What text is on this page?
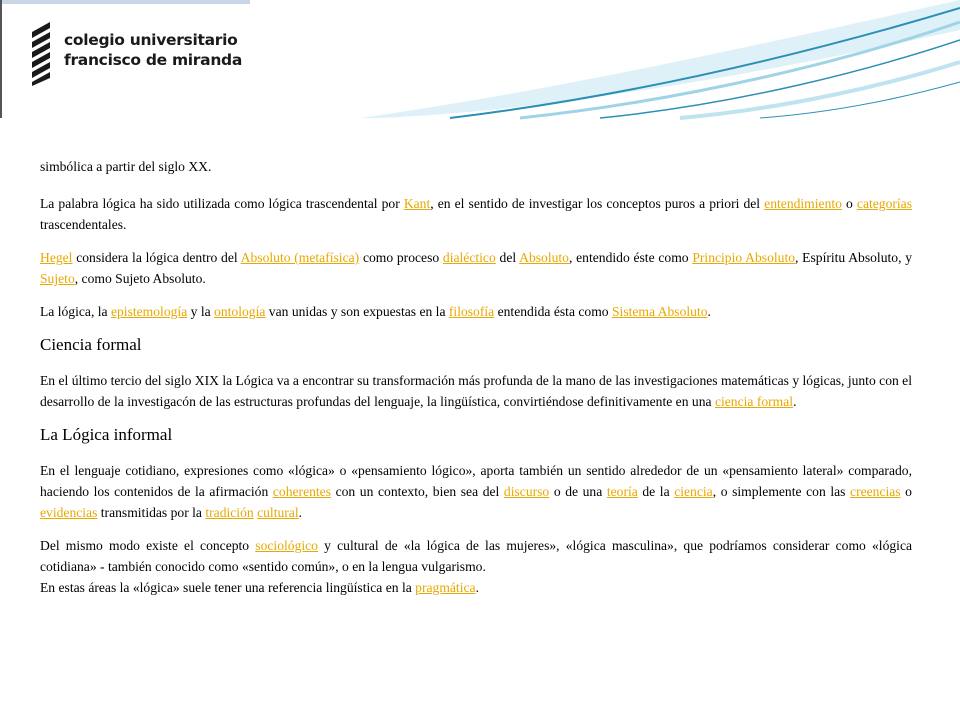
colegio universitario
francisco de miranda

simbólica a partir del siglo XX.

La palabra lógica ha sido utilizada como lógica trascendental por Kant, en el sentido de investigar los conceptos puros a priori del entendimiento o categorías trascendentales.

Hegel considera la lógica dentro del Absoluto (metafísica) como proceso dialéctico del Absoluto, entendido éste como Principio Absoluto, Espíritu Absoluto, y Sujeto, como Sujeto Absoluto.

La lógica, la epistemología y la ontología van unidas y son expuestas en la filosofía entendida ésta como Sistema Absoluto.

Ciencia formal

En el último tercio del siglo XIX la Lógica va a encontrar su transformación más profunda de la mano de las investigaciones matemáticas y lógicas, junto con el desarrollo de la investigacón de las estructuras profundas del lenguaje, la lingüística, convirtiéndose definitivamente en una ciencia formal.

La Lógica informal

En el lenguaje cotidiano, expresiones como «lógica» o «pensamiento lógico», aporta también un sentido alrededor de un «pensamiento lateral» comparado, haciendo los contenidos de la afirmación coherentes con un contexto, bien sea del discurso o de una teoría de la ciencia, o simplemente con las creencias o evidencias transmitidas por la tradición cultural.

Del mismo modo existe el concepto sociológico y cultural de «la lógica de las mujeres», «lógica masculina», que podríamos considerar como «lógica cotidiana» - también conocido como «sentido común», o en la lengua vulgarismo.
En estas áreas la «lógica» suele tener una referencia lingüística en la pragmática.
